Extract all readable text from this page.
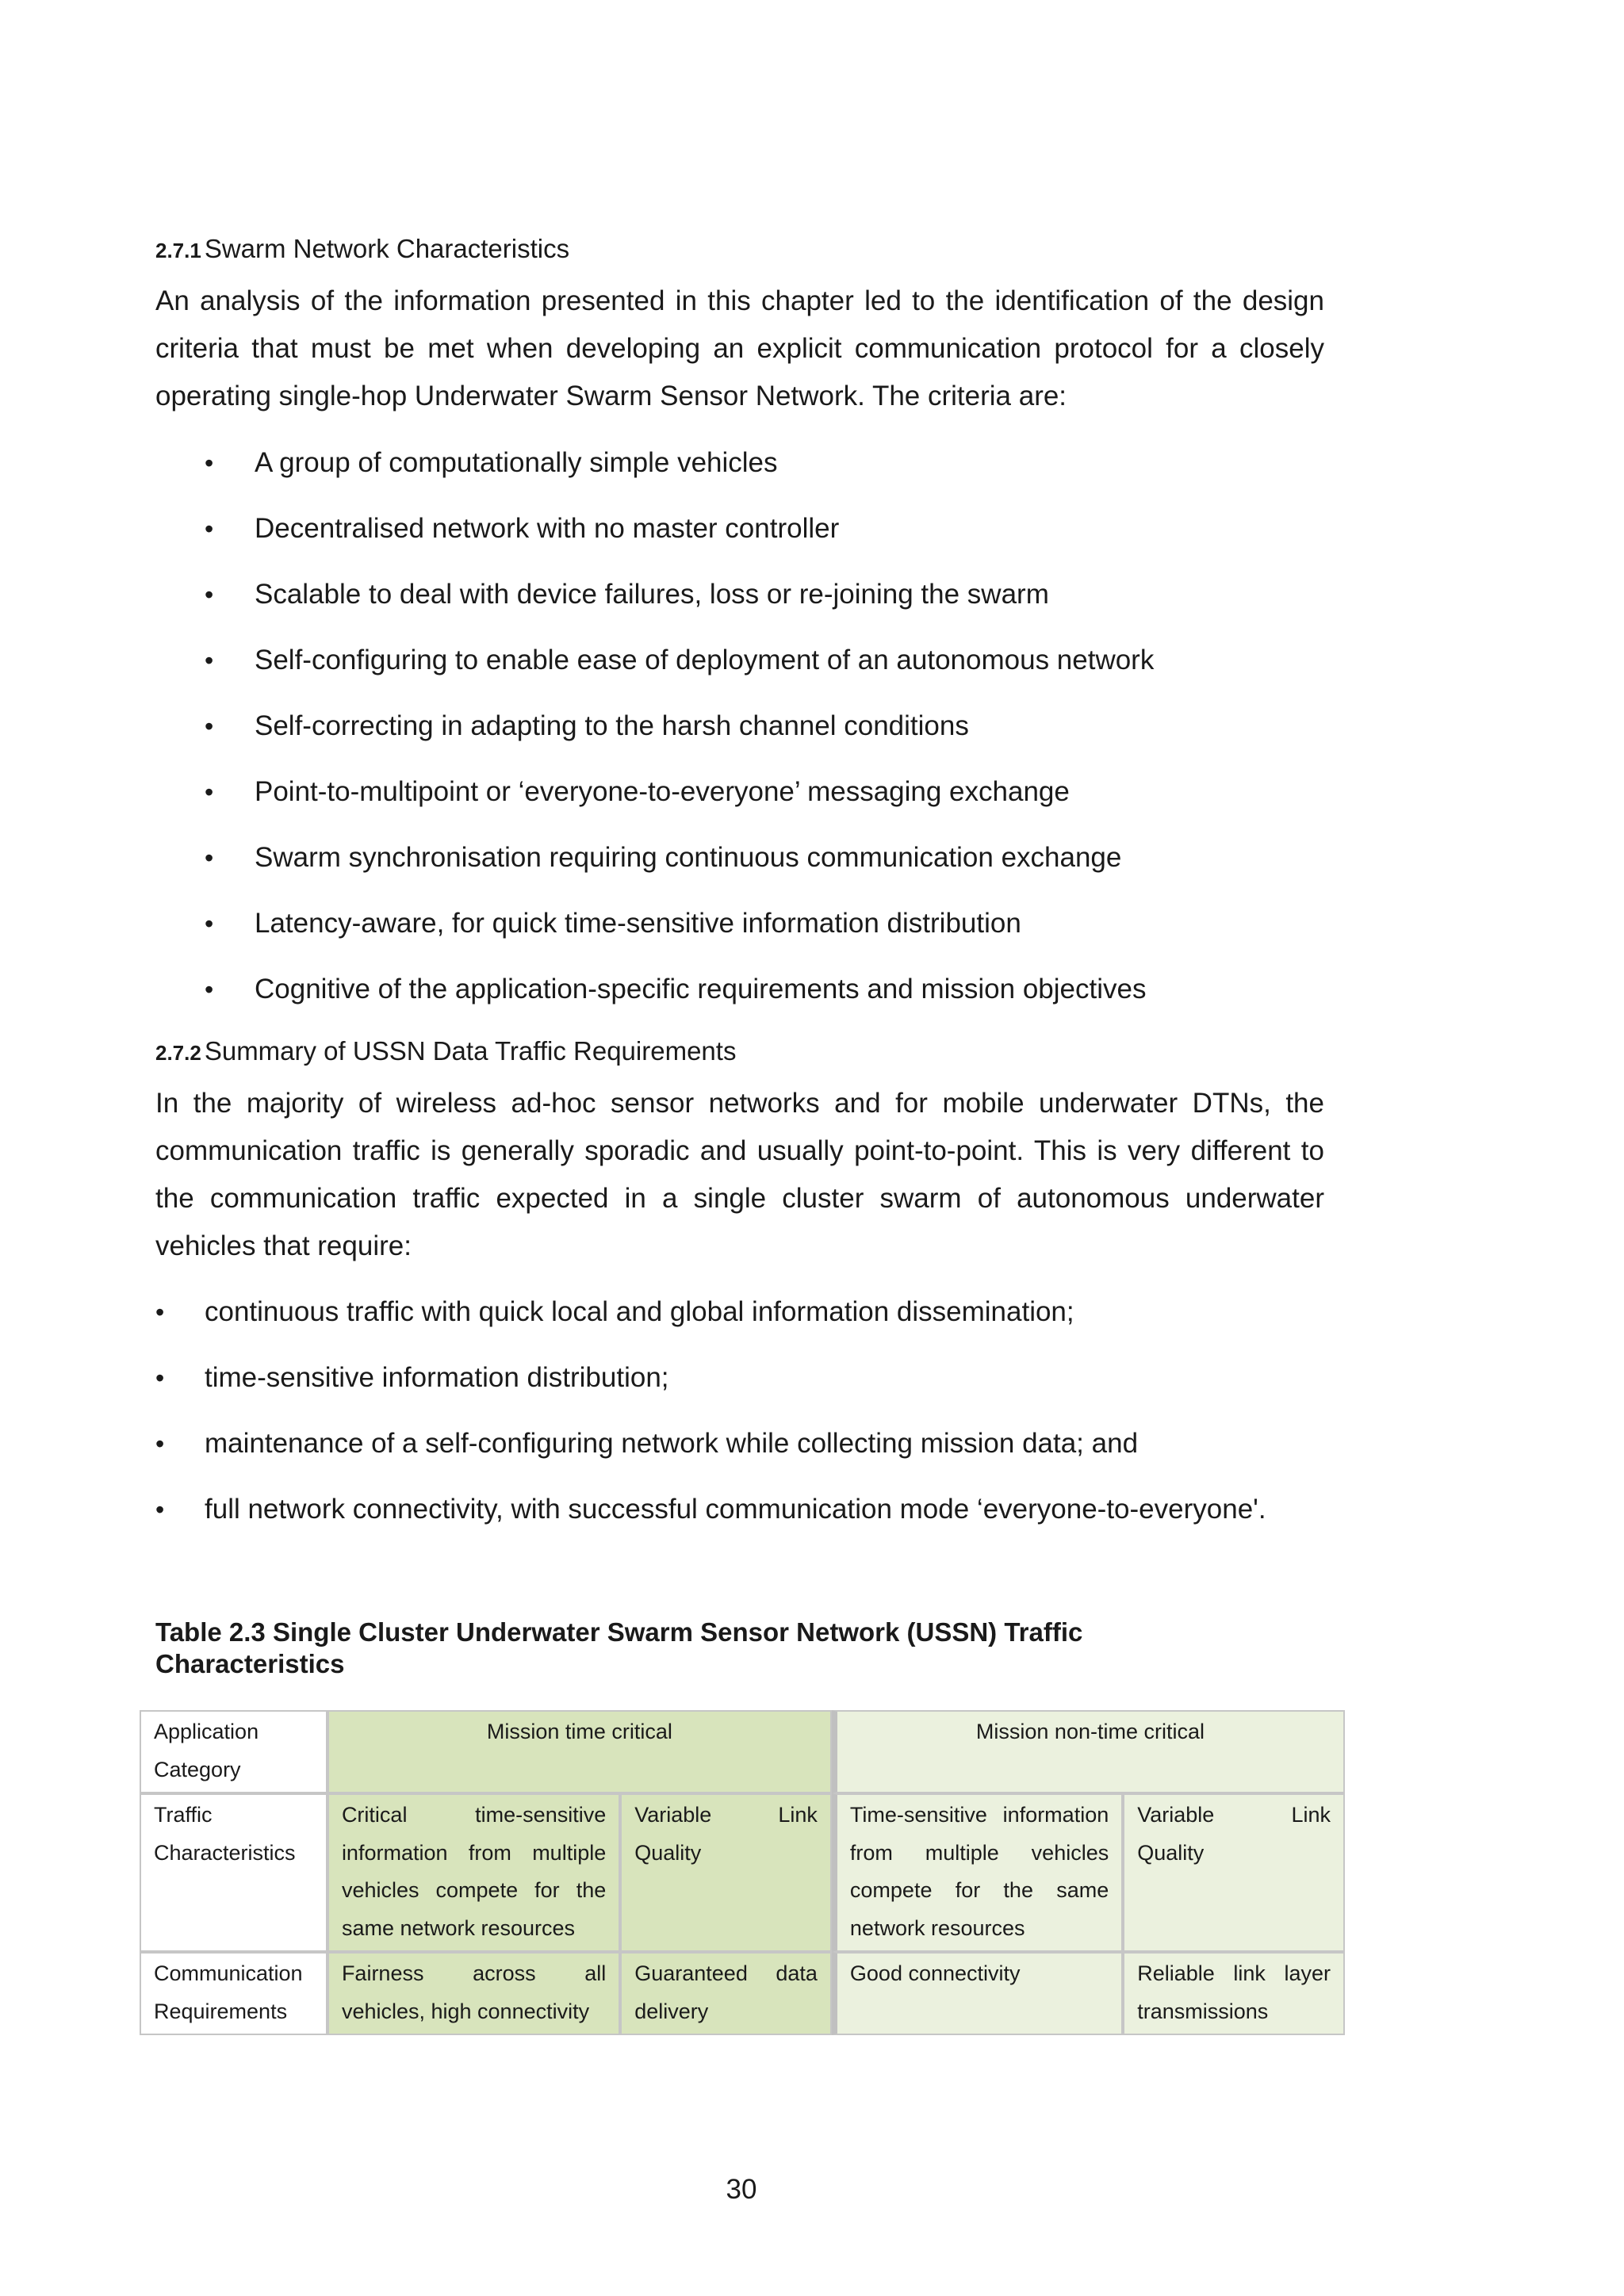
2.7.1 Swarm Network Characteristics

An analysis of the information presented in this chapter led to the identification of the design criteria that must be met when developing an explicit communication protocol for a closely operating single-hop Underwater Swarm Sensor Network. The criteria are:

• A group of computationally simple vehicles
• Decentralised network with no master controller
• Scalable to deal with device failures, loss or re-joining the swarm
• Self-configuring to enable ease of deployment of an autonomous network
• Self-correcting in adapting to the harsh channel conditions
• Point-to-multipoint or ‘everyone-to-everyone’ messaging exchange
• Swarm synchronisation requiring continuous communication exchange
• Latency-aware, for quick time-sensitive information distribution
• Cognitive of the application-specific requirements and mission objectives
2.7.2 Summary of USSN Data Traffic Requirements

In the majority of wireless ad-hoc sensor networks and for mobile underwater DTNs, the communication traffic is generally sporadic and usually point-to-point. This is very different to the communication traffic expected in a single cluster swarm of autonomous underwater vehicles that require:

• continuous traffic with quick local and global information dissemination;
• time-sensitive information distribution;
• maintenance of a self-configuring network while collecting mission data; and
• full network connectivity, with successful communication mode ‘everyone-to-everyone'.
Table 2.3 Single Cluster Underwater Swarm Sensor Network (USSN) Traffic Characteristics
Application Category	Mission time critical		Mission non-time critical	
Traffic Characteristics	Critical time-sensitive information from multiple vehicles compete for the same network resources	Variable Link Quality	Time-sensitive information from multiple vehicles compete for the same network resources	Variable Link Quality
Communication Requirements	Fairness across all vehicles, high connectivity	Guaranteed data delivery	Good connectivity	Reliable link layer transmissions
30
